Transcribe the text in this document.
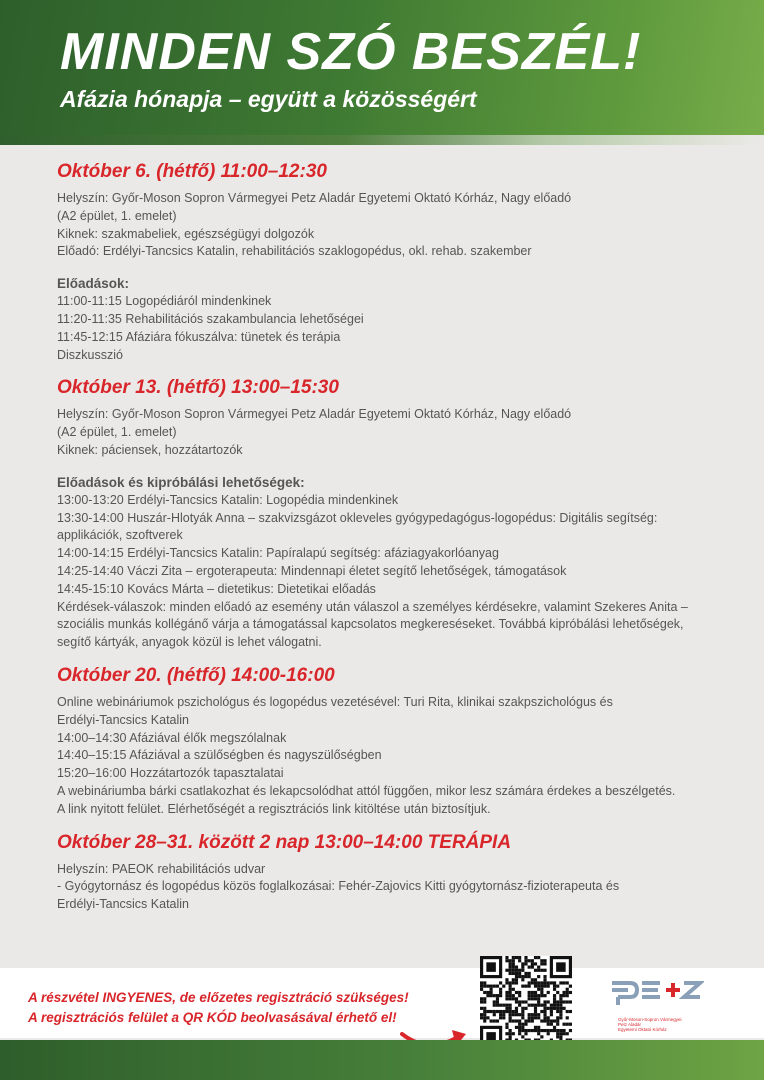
MINDEN SZÓ BESZÉL!
Afázia hónapja – együtt a közösségért

Október 6. (hétfő) 11:00–12:30

Helyszín: Győr-Moson Sopron Vármegyei Petz Aladár Egyetemi Oktató Kórház, Nagy előadó

(A2 épület, 1. emelet)

Kiknek: szakmabeliek, egészségügyi dolgozók

Előadó: Erdélyi-Tancsics Katalin, rehabilitációs szaklogopédus, okl. rehab. szakember

Előadások:

11:00-11:15 Logopédiáról mindenkinek

11:20-11:35 Rehabilitációs szakambulancia lehetőségei

11:45-12:15 Afáziára fókuszálva: tünetek és terápia

Diszkusszió

Október 13. (hétfő) 13:00–15:30

Helyszín: Győr-Moson Sopron Vármegyei Petz Aladár Egyetemi Oktató Kórház, Nagy előadó

(A2 épület, 1. emelet)

Kiknek: páciensek, hozzátartozók

Előadások és kipróbálási lehetőségek:

13:00-13:20 Erdélyi-Tancsics Katalin: Logopédia mindenkinek

13:30-14:00 Huszár-Hlotyák Anna – szakvizsgázot okleveles gyógypedagógus-logopédus: Digitális segítség:

applikációk, szoftverek

14:00-14:15 Erdélyi-Tancsics Katalin: Papíralapú segítség: afáziagyakorlóanyag

14:25-14:40 Váczi Zita – ergoterapeuta: Mindennapi életet segítő lehetőségek, támogatások

14:45-15:10 Kovács Márta – dietetikus: Dietetikai előadás

Kérdések-válaszok: minden előadó az esemény után válaszol a személyes kérdésekre, valamint Szekeres Anita –

szociális munkás kollégánő várja a támogatással kapcsolatos megkereséseket. Továbbá kipróbálási lehetőségek,

segítő kártyák, anyagok közül is lehet válogatni.

Október 20. (hétfő) 14:00-16:00

Online webináriumok pszichológus és logopédus vezetésével: Turi Rita, klinikai szakpszichológus és

Erdélyi-Tancsics Katalin

14:00–14:30 Afáziával élők megszólalnak

14:40–15:15 Afáziával a szülőségben és nagyszülőségben

15:20–16:00 Hozzátartozók tapasztalatai

A webináriumba bárki csatlakozhat és lekapcsolódhat attól függően, mikor lesz számára érdekes a beszélgetés.

A link nyitott felület. Elérhetőségét a regisztrációs link kitöltése után biztosítjuk.

Október 28–31. között 2 nap 13:00–14:00 TERÁPIA

Helyszín: PAEOK rehabilitációs udvar

- Gyógytornász és logopédus közös foglalkozásai: Fehér-Zajovics Kitti gyógytornász-fizioterapeuta és

Erdélyi-Tancsics Katalin

A részvétel INGYENES, de előzetes regisztráció szükséges!

A regisztrációs felület a QR KÓD beolvasásával érhető el!	Győr-Moson-Sopron Vármegyei
Petz Aladár
Egyetemi Oktató Kórház
